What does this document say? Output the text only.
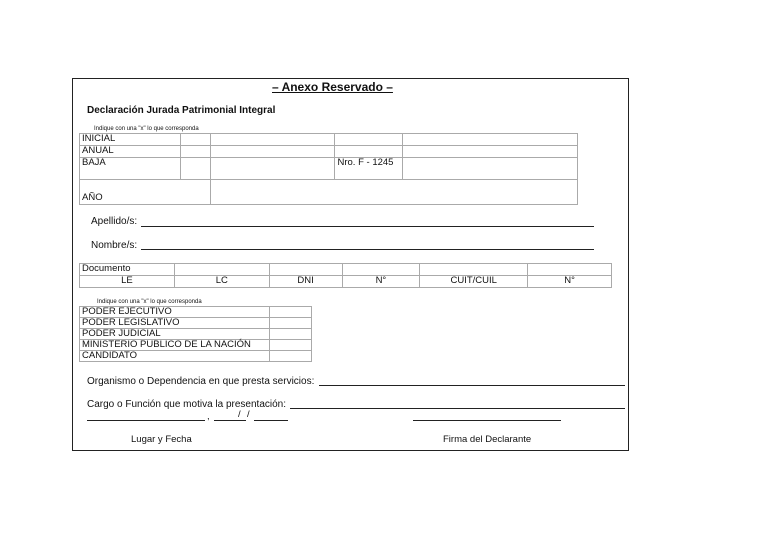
– Anexo Reservado –
Declaración Jurada Patrimonial Integral
Indique con una "x" lo que corresponda
INICIAL				
ANUAL				
BAJA			Nro. F - 1245	
AÑO				
Apellido/s:
Nombre/s:
Documento					
LE	LC	DNI	N°	CUIT/CUIL	N°
Indique con una "x" lo que corresponda
PODER EJECUTIVO	
PODER LEGISLATIVO	
PODER JUDICIAL	
MINISTERIO PUBLICO DE LA NACIÓN	
CANDIDATO	
Organismo o Dependencia en que presta servicios:
Cargo o Función que motiva la presentación:
,	/ /
Lugar y Fecha	Firma del Declarante
